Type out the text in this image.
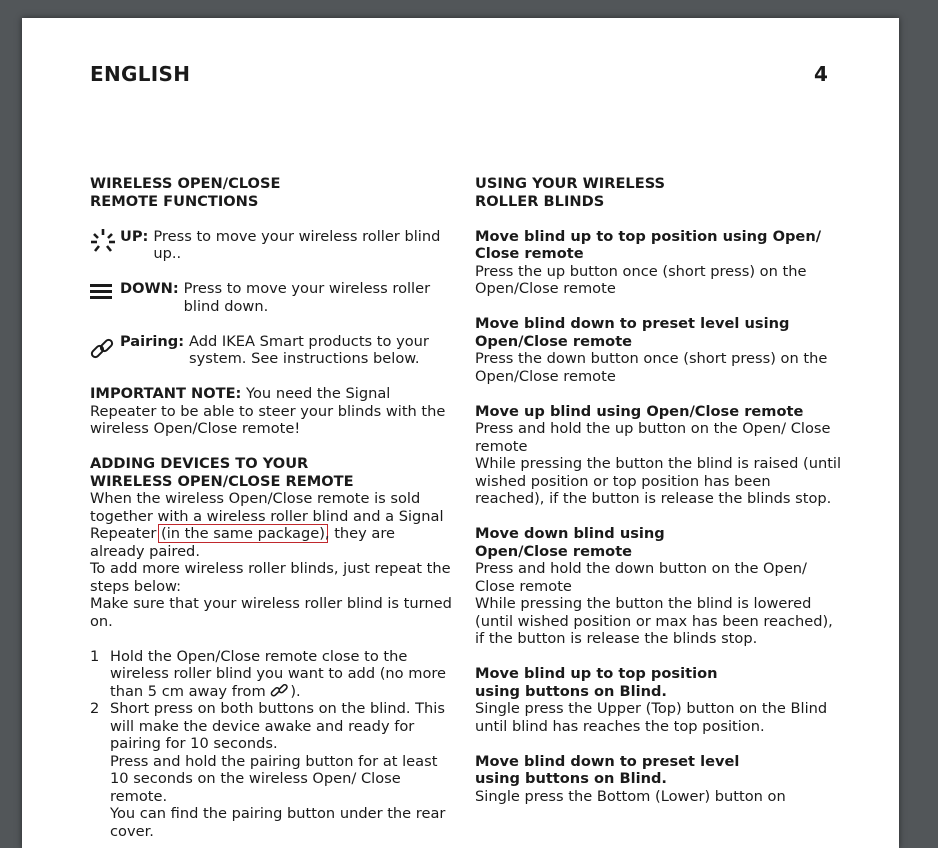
ENGLISH	4
WIRELESS OPEN/CLOSE
REMOTE FUNCTIONS
UP: Press to move your wireless roller blind up..
DOWN: Press to move your wireless roller blind down.
Pairing: Add IKEA Smart products to your system. See instructions below.
IMPORTANT NOTE: You need the Signal Repeater to be able to steer your blinds with the wireless Open/Close remote!
ADDING DEVICES TO YOUR
WIRELESS OPEN/CLOSE REMOTE
When the wireless Open/Close remote is sold together with a wireless roller blind and a Signal Repeater (in the same package), they are already paired.
To add more wireless roller blinds, just repeat the steps below:
Make sure that your wireless roller blind is turned on.
1 Hold the Open/Close remote close to the wireless roller blind you want to add (no more than 5 cm away from ).
2 Short press on both buttons on the blind. This will make the device awake and ready for pairing for 10 seconds.
Press and hold the pairing button for at least 10 seconds on the wireless Open/ Close remote.
You can find the pairing button under the rear cover.
USING YOUR WIRELESS
ROLLER BLINDS
Move blind up to top position using Open/ Close remote
Press the up button once (short press) on the Open/Close remote
Move blind down to preset level using Open/Close remote
Press the down button once (short press) on the Open/Close remote
Move up blind using Open/Close remote
Press and hold the up button on the Open/ Close remote
While pressing the button the blind is raised (until wished position or top position has been reached), if the button is release the blinds stop.
Move down blind using
Open/Close remote
Press and hold the down button on the Open/ Close remote
While pressing the button the blind is lowered (until wished position or max has been reached), if the button is release the blinds stop.
Move blind up to top position
using buttons on Blind.
Single press the Upper (Top) button on the Blind until blind has reaches the top position.
Move blind down to preset level
using buttons on Blind.
Single press the Bottom (Lower) button on
